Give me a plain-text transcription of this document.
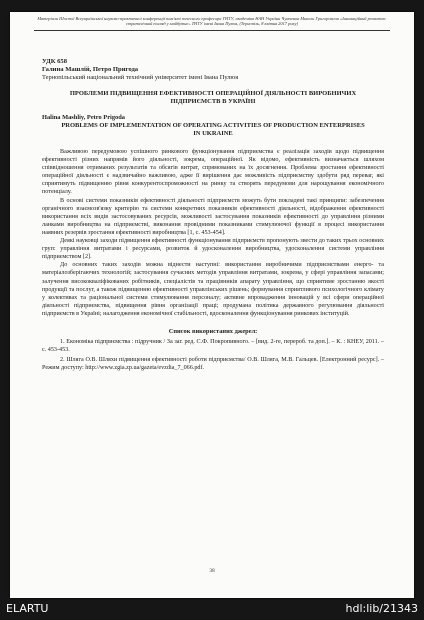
Матеріали Шостої Всеукраїнської науково-практичної конференції пам'яті почесного професора ТНТУ, академіка НАН України Чумченка Миколи Григоровича «Інноваційний розвиток: стратегічний погляд у майбутнє» ТНТУ імені Івана Пулюя, (Тернопіль, 8 квітня 2017 року)
УДК 658
Галина Машлій, Петро Пригода
Тернопільський національний технічний університет імені Івана Пулюя
ПРОБЛЕМИ ПІДВИЩЕННЯ ЕФЕКТИВНОСТІ ОПЕРАЦІЙНОЇ ДІЯЛЬНОСТІ ВИРОБНИЧИХ ПІДПРИЄМСТВ В УКРАЇНІ
Halina Mashliy, Petro Prigoda
PROBLEMS OF IMPLEMENTATION OF OPERATING ACTIVITIES OF PRODUCTION ENTERPRISES IN UKRAINE

Важливою передумовою успішного ринкового функціонування підприємства є реалізація заходів щодо підвищення ефективності різних напрямів його діяльності, зокрема, операційної. Як відомо, ефективність визначається шляхом співвідношення отриманих результатів та обсягів витрат, спрямованих на їх досягнення. Проблема зростання ефективності операційної діяльності є надзвичайно важливою, адже її вирішення дає можливість підприємству здобути ряд переваг, які сприятимуть підвищенню рівня конкурентоспроможності на ринку та створять передумови для нарощування економічного потенціалу.

В основі системи показників ефективності діяльності підприємств можуть бути покладені такі принципи: забезпечення органічного взаємозв'язку критерію та системи конкретних показників ефективності діяльності, відображення ефективності використання всіх видів застосовуваних ресурсів, можливості застосування показників ефективності до управління різними ланками виробництва на підприємстві, виконання провідними показниками стимулюючої функції в процесі використання наявних резервів зростання ефективності виробництва [1, с. 453-454].

Деякі науковці заходи підвищення ефективності функціонування підприємств пропонують звести до таких трьох основних груп: управління витратами і ресурсами, розвиток й удосконалення виробництва, удосконалення системи управління підприємством [2].

До основних таких заходів можна віднести наступні: використання виробничими підприємствами енерго- та матеріалозберігаючих технологій; застосування сучасних методів управління витратами, зокрема, у сфері управління запасами; залучення висококваліфікованих робітників, спеціалістів та працівників апарату управління, що сприятиме зростанню якості продукції та послуг, а також підвищенню ефективності управлінських рішень; формування сприятливого психологічного клімату у колективах та раціональної системи стимулювання персоналу; активне впровадження інновацій у всі сфери операційної діяльності підприємства, підвищення рівня організації праці; продумана політика державного регулювання діяльності підприємств в Україні; налагодження економічної стабільності, вдосконалення функціонування ринкових інституцій.

Список використаних джерел:

1. Економіка підприємства : підручник / За заг. ред. С.Ф. Покропивного. – [вид. 2-ге, перероб. та доп.]. – К. : КНЕУ, 2011. –с. 453-453.

2. Шляга О.В. Шляхи підвищення ефективності роботи підприємства/ О.В. Шляга, М.В. Гальцев. [Електронний ресурс]. – Режим доступу: http://www.zgia.zp.ua/gazeta/evzdia_7_066.pdf.

38
ELARTU	hdl:lib/21343
